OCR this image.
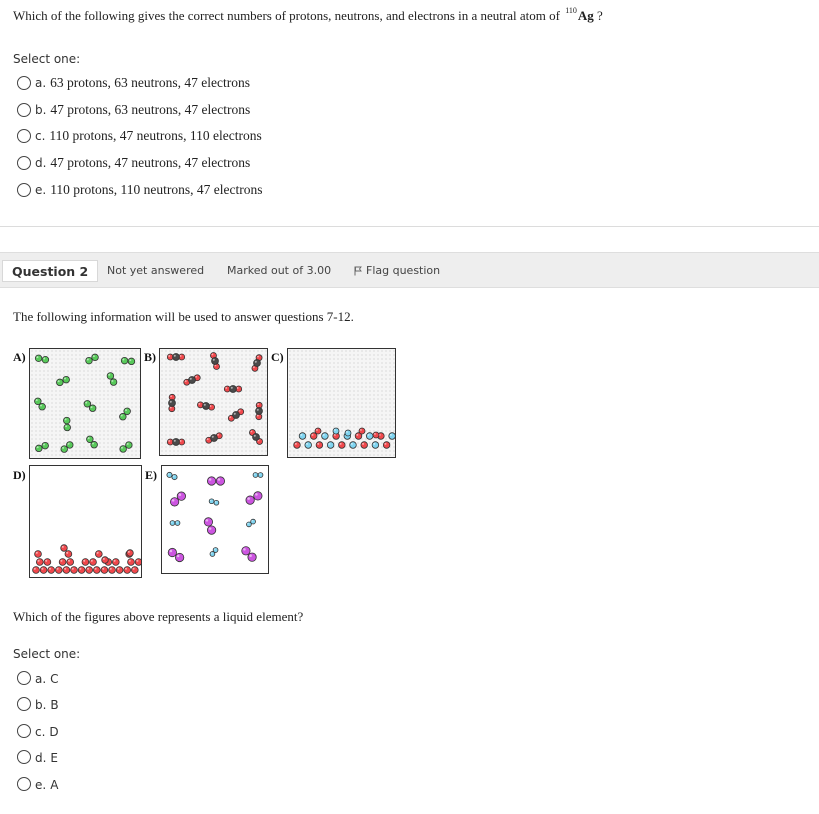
Which of the following gives the correct numbers of protons, neutrons, and electrons in a neutral atom of $^{110}$Ag ?
Select one:
a. 63 protons, 63 neutrons, 47 electrons
b. 47 protons, 63 neutrons, 47 electrons
c. 110 protons, 47 neutrons, 110 electrons
d. 47 protons, 47 neutrons, 47 electrons
e. 110 protons, 110 neutrons, 47 electrons
Question 2	Not yet answered Marked out of 3.00	Flag question
The following information will be used to answer questions 7-12.
A)	B)	C)
D)	E)
Which of the figures above represents a liquid element?
Select one:
a. C
b. B
c. D
d. E
e. A
